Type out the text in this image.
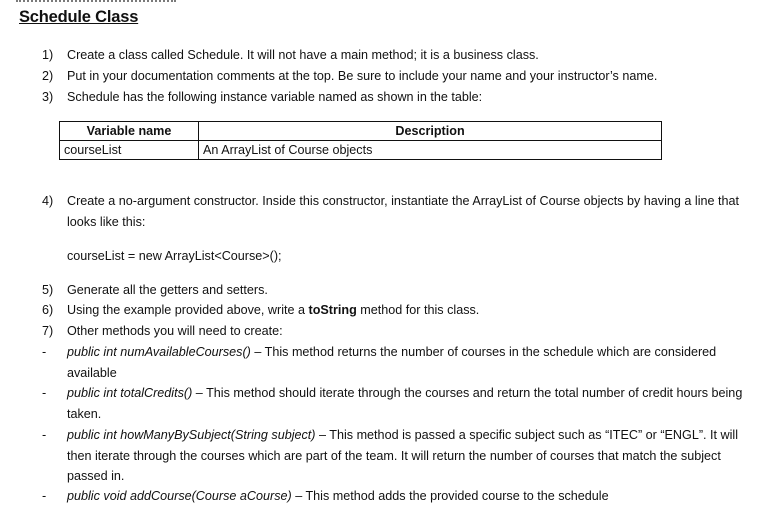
Schedule Class
1)	Create a class called Schedule. It will not have a main method; it is a business class.
2)	Put in your documentation comments at the top. Be sure to include your name and your instructor’s name.
3)	Schedule has the following instance variable named as shown in the table:
Variable name	Description
courseList	An ArrayList of Course objects
4)	Create a no-argument constructor. Inside this constructor, instantiate the ArrayList of Course objects by having a line that looks like this:
courseList = new ArrayList<Course>();
5)	Generate all the getters and setters.
6)	Using the example provided above, write a toString method for this class.
7)	Other methods you will need to create:
- public int numAvailableCourses() – This method returns the number of courses in the schedule which are considered available
- public int totalCredits() – This method should iterate through the courses and return the total number of credit hours being taken.
- public int howManyBySubject(String subject) – This method is passed a specific subject such as “ITEC” or “ENGL”. It will then iterate through the courses which are part of the team. It will return the number of courses that match the subject passed in.
- public void addCourse(Course aCourse) – This method adds the provided course to the schedule
